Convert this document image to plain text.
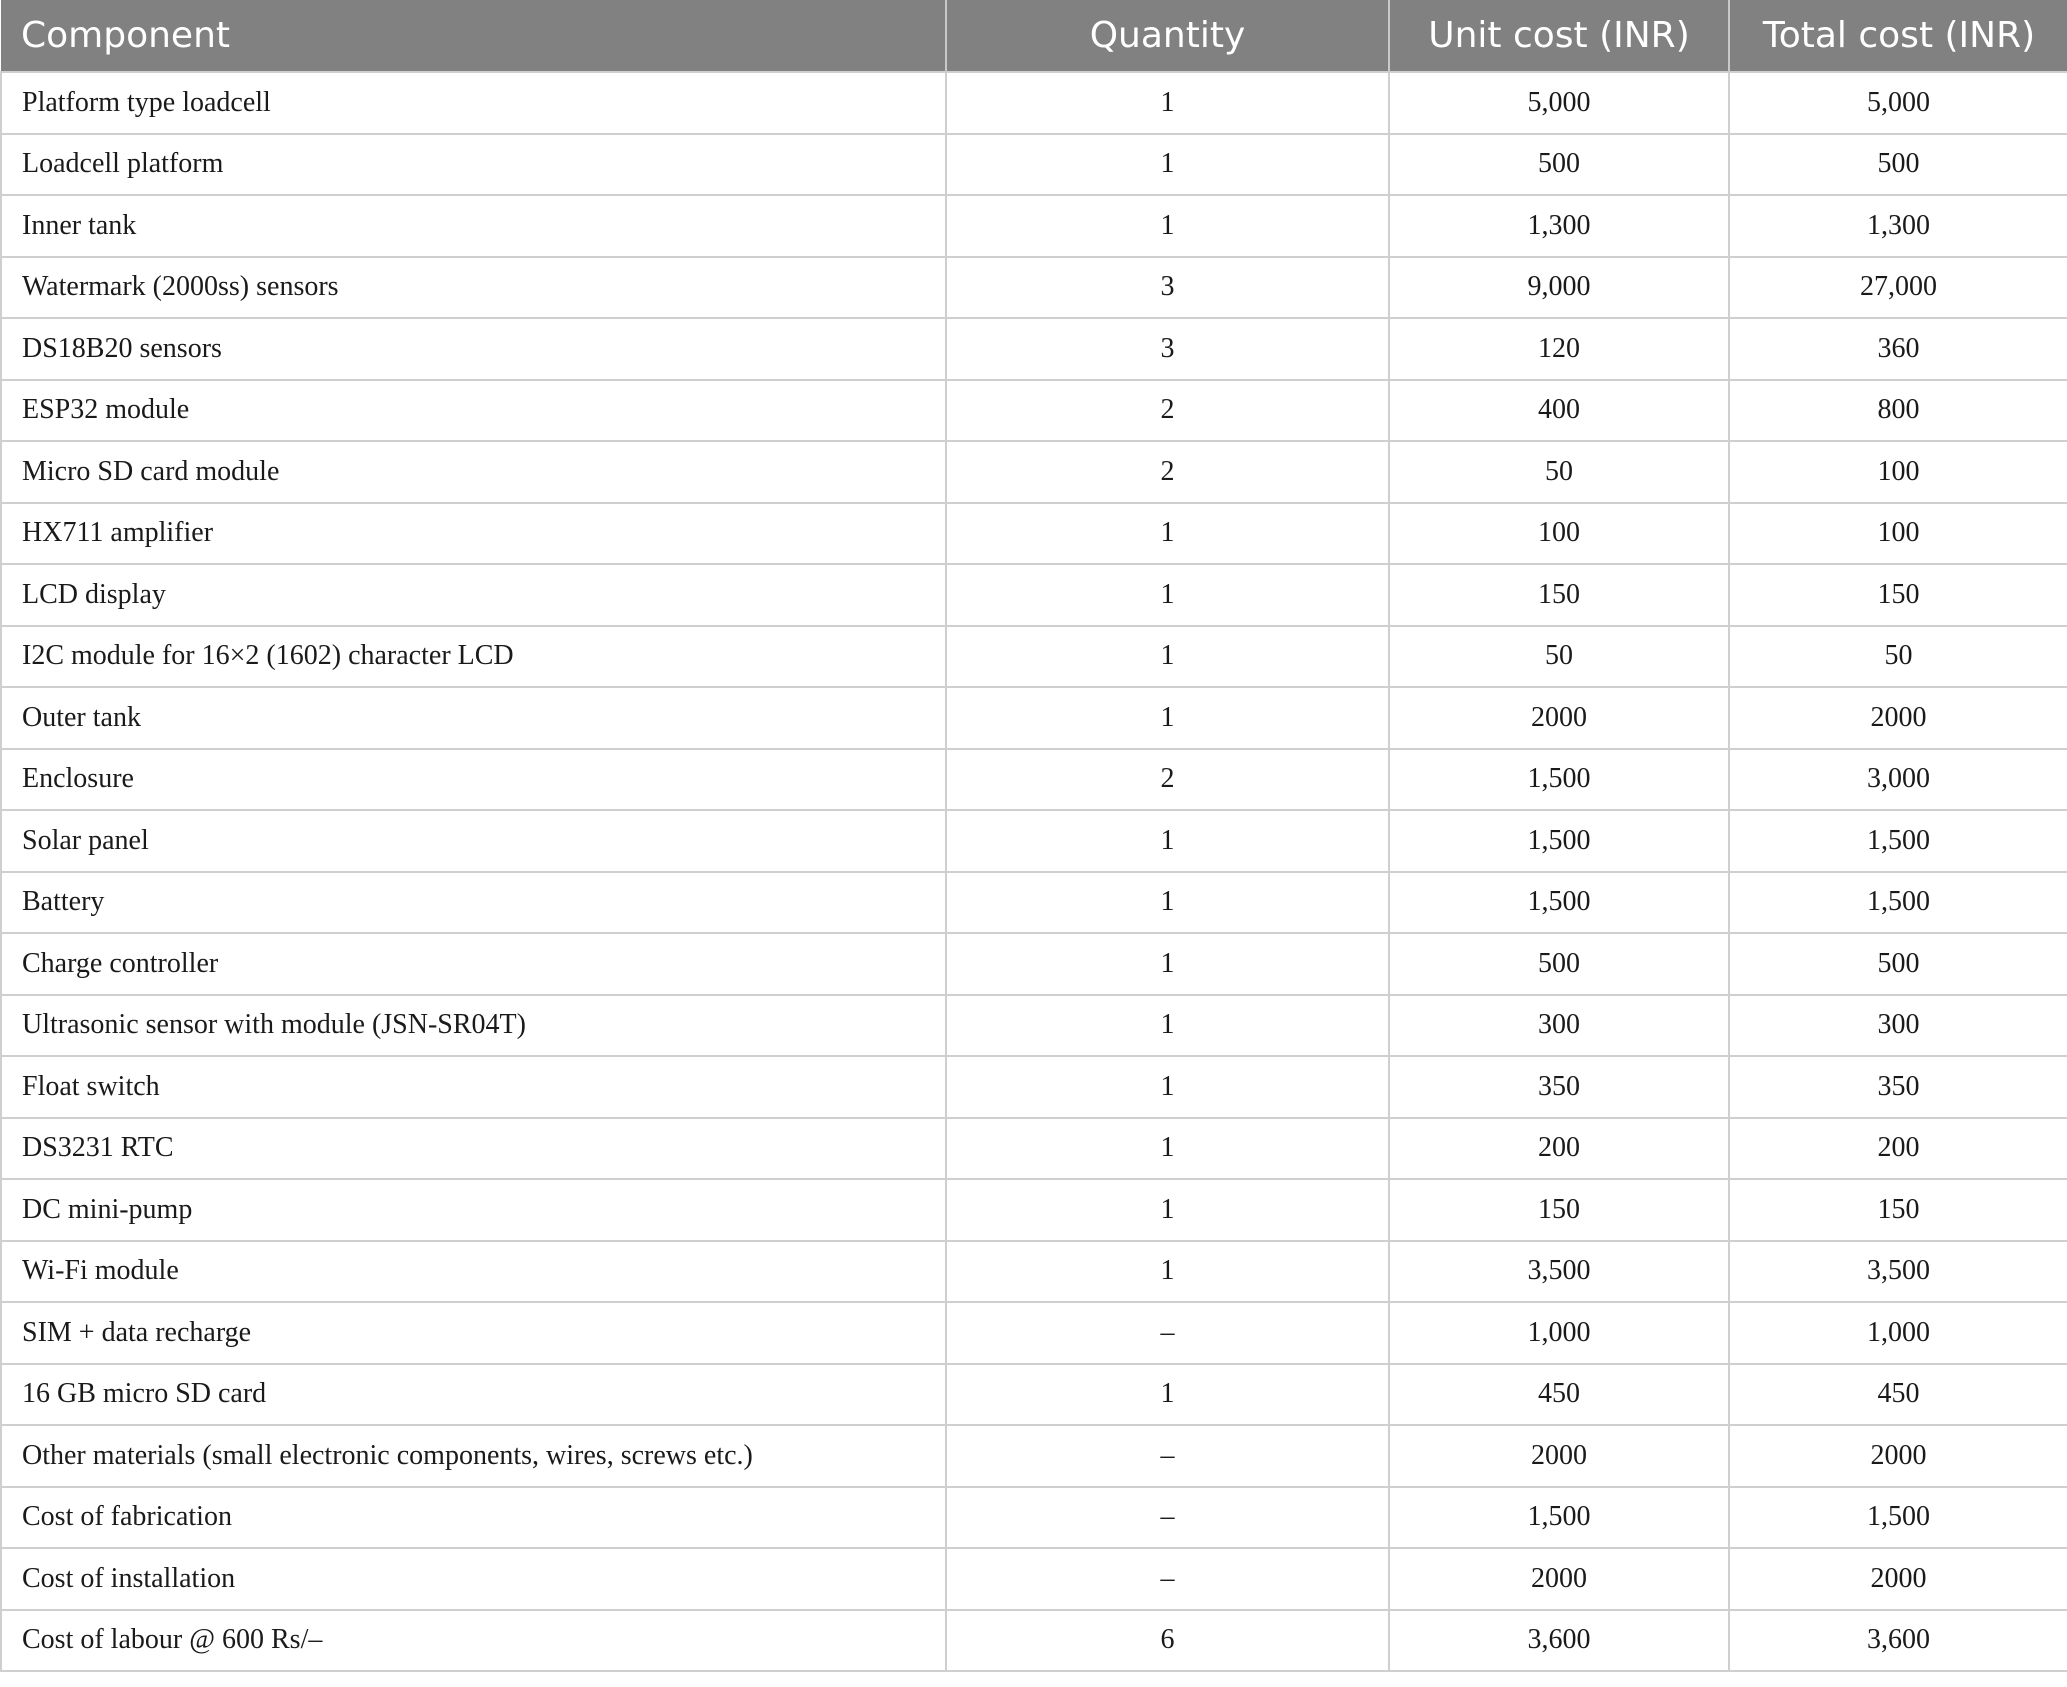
Component	Quantity	Unit cost (INR)	Total cost (INR)
Platform type loadcell	1	5,000	5,000
Loadcell platform	1	500	500
Inner tank	1	1,300	1,300
Watermark (2000ss) sensors	3	9,000	27,000
DS18B20 sensors	3	120	360
ESP32 module	2	400	800
Micro SD card module	2	50	100
HX711 amplifier	1	100	100
LCD display	1	150	150
I2C module for 16×2 (1602) character LCD	1	50	50
Outer tank	1	2000	2000
Enclosure	2	1,500	3,000
Solar panel	1	1,500	1,500
Battery	1	1,500	1,500
Charge controller	1	500	500
Ultrasonic sensor with module (JSN-SR04T)	1	300	300
Float switch	1	350	350
DS3231 RTC	1	200	200
DC mini-pump	1	150	150
Wi-Fi module	1	3,500	3,500
SIM + data recharge	–	1,000	1,000
16 GB micro SD card	1	450	450
Other materials (small electronic components, wires, screws etc.)	–	2000	2000
Cost of fabrication	–	1,500	1,500
Cost of installation	–	2000	2000
Cost of labour @ 600 Rs/–	6	3,600	3,600
